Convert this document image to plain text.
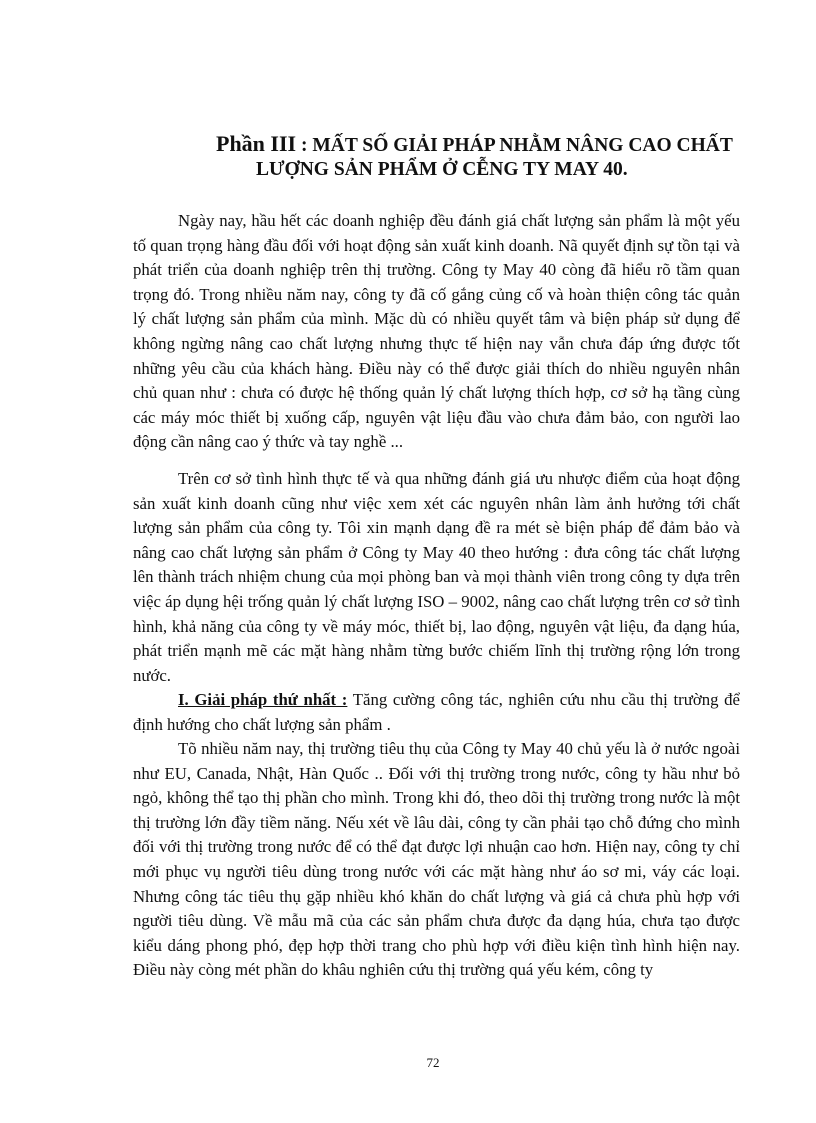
Phần III : MẤT SỐ GIẢI PHÁP NHẰM NÂNG CAO CHẤT
LƯỢNG SẢN PHẨM Ở CỄNG TY MAY 40.

Ngày nay, hầu hết các doanh nghiệp đều đánh giá chất lượng sản phẩm là một yếu tố quan trọng hàng đầu đối với hoạt động sản xuất kinh doanh. Nã quyết định sự tồn tại và phát triển của doanh nghiệp trên thị trường. Công ty May 40 còng đã hiểu rõ tầm quan trọng đó. Trong nhiều năm nay, công ty đã cố gắng củng cố và hoàn thiện công tác quản lý chất lượng sản phẩm của mình. Mặc dù có nhiều quyết tâm và biện pháp sử dụng để không ngừng nâng cao chất lượng nhưng thực tế hiện nay vẫn chưa đáp ứng được tốt những yêu cầu của khách hàng. Điều này có thể được giải thích do nhiều nguyên nhân chủ quan như : chưa có được hệ thống quản lý chất lượng thích hợp, cơ sở hạ tầng cùng các máy móc thiết bị xuống cấp, nguyên vật liệu đầu vào chưa đảm bảo, con người lao động cần nâng cao ý thức và tay nghề ...

Trên cơ sở tình hình thực tế và qua những đánh giá ưu nhược điểm của hoạt động sản xuất kinh doanh cũng như việc xem xét các nguyên nhân làm ảnh hưởng tới chất lượng sản phẩm của công ty. Tôi xin mạnh dạng đề ra mét sè biện pháp để đảm bảo và nâng cao chất lượng sản phẩm ở Công ty May 40 theo hướng : đưa công tác chất lượng lên thành trách nhiệm chung của mọi phòng ban và mọi thành viên trong công ty dựa trên việc áp dụng hệi trống quản lý chất lượng ISO – 9002, nâng cao chất lượng trên cơ sở tình hình, khả năng của công ty về máy móc, thiết bị, lao động, nguyên vật liệu, đa dạng húa, phát triển mạnh mẽ các mặt hàng nhằm từng bước chiếm lĩnh thị trường rộng lớn trong nước.

I. Giải pháp thứ nhất : Tăng cường công tác, nghiên cứu nhu cầu thị trường để định hướng cho chất lượng sản phẩm .

Tõ nhiều năm nay, thị trường tiêu thụ của Công ty May 40 chủ yếu là ở nước ngoài như EU, Canada, Nhật, Hàn Quốc .. Đối với thị trường trong nước, công ty hầu như bỏ ngỏ, không thể tạo thị phần cho mình. Trong khi đó, theo dõi thị trường trong nước là một thị trường lớn đầy tiềm năng. Nếu xét về lâu dài, công ty cần phải tạo chỗ đứng cho mình đối với thị trường trong nước để có thể đạt được lợi nhuận cao hơn. Hiện nay, công ty chỉ mới phục vụ người tiêu dùng trong nước với các mặt hàng như áo sơ mi, váy các loại. Nhưng công tác tiêu thụ gặp nhiều khó khăn do chất lượng và giá cả chưa phù hợp với người tiêu dùng. Về mẫu mã của các sản phẩm chưa được đa dạng húa, chưa tạo được kiểu dáng phong phó, đẹp hợp thời trang cho phù hợp với điều kiện tình hình hiện nay. Điều này còng mét phần do khâu nghiên cứu thị trường quá yếu kém, công ty

72
